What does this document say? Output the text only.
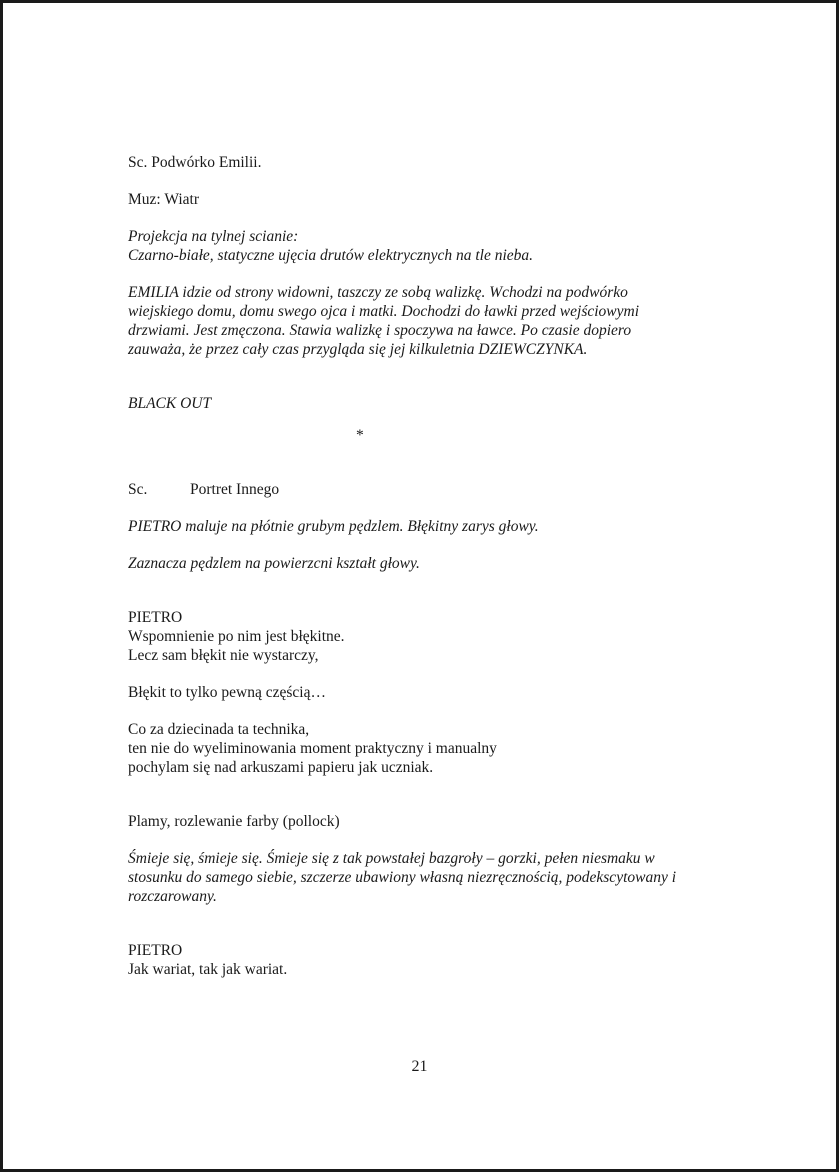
Sc. Podwórko Emilii.

Muz: Wiatr

Projekcja na tylnej scianie:

Czarno-białe, statyczne ujęcia drutów elektrycznych na tle nieba.

EMILIA idzie od strony widowni, taszczy ze sobą walizkę. Wchodzi na podwórko

wiejskiego domu, domu swego ojca i matki. Dochodzi do ławki przed wejściowymi

drzwiami. Jest zmęczona. Stawia walizkę i spoczywa na ławce. Po czasie dopiero

zauważa, że przez cały czas przygląda się jej kilkuletnia DZIEWCZYNKA.

BLACK OUT

*

Sc.	Portret Innego

PIETRO maluje na płótnie grubym pędzlem. Błękitny zarys głowy.

Zaznacza pędzlem na powierzcni kształt głowy.

PIETRO

Wspomnienie po nim jest błękitne.

Lecz sam błękit nie wystarczy,

Błękit to tylko pewną częścią…

Co za dziecinada ta technika,

ten nie do wyeliminowania moment praktyczny i manualny

pochylam się nad arkuszami papieru jak uczniak.

Plamy, rozlewanie farby (pollock)

Śmieje się, śmieje się. Śmieje się z tak powstałej bazgroły – gorzki, pełen niesmaku w

stosunku do samego siebie, szczerze ubawiony własną niezręcznością, podekscytowany i

rozczarowany.

PIETRO

Jak wariat, tak jak wariat.

21
